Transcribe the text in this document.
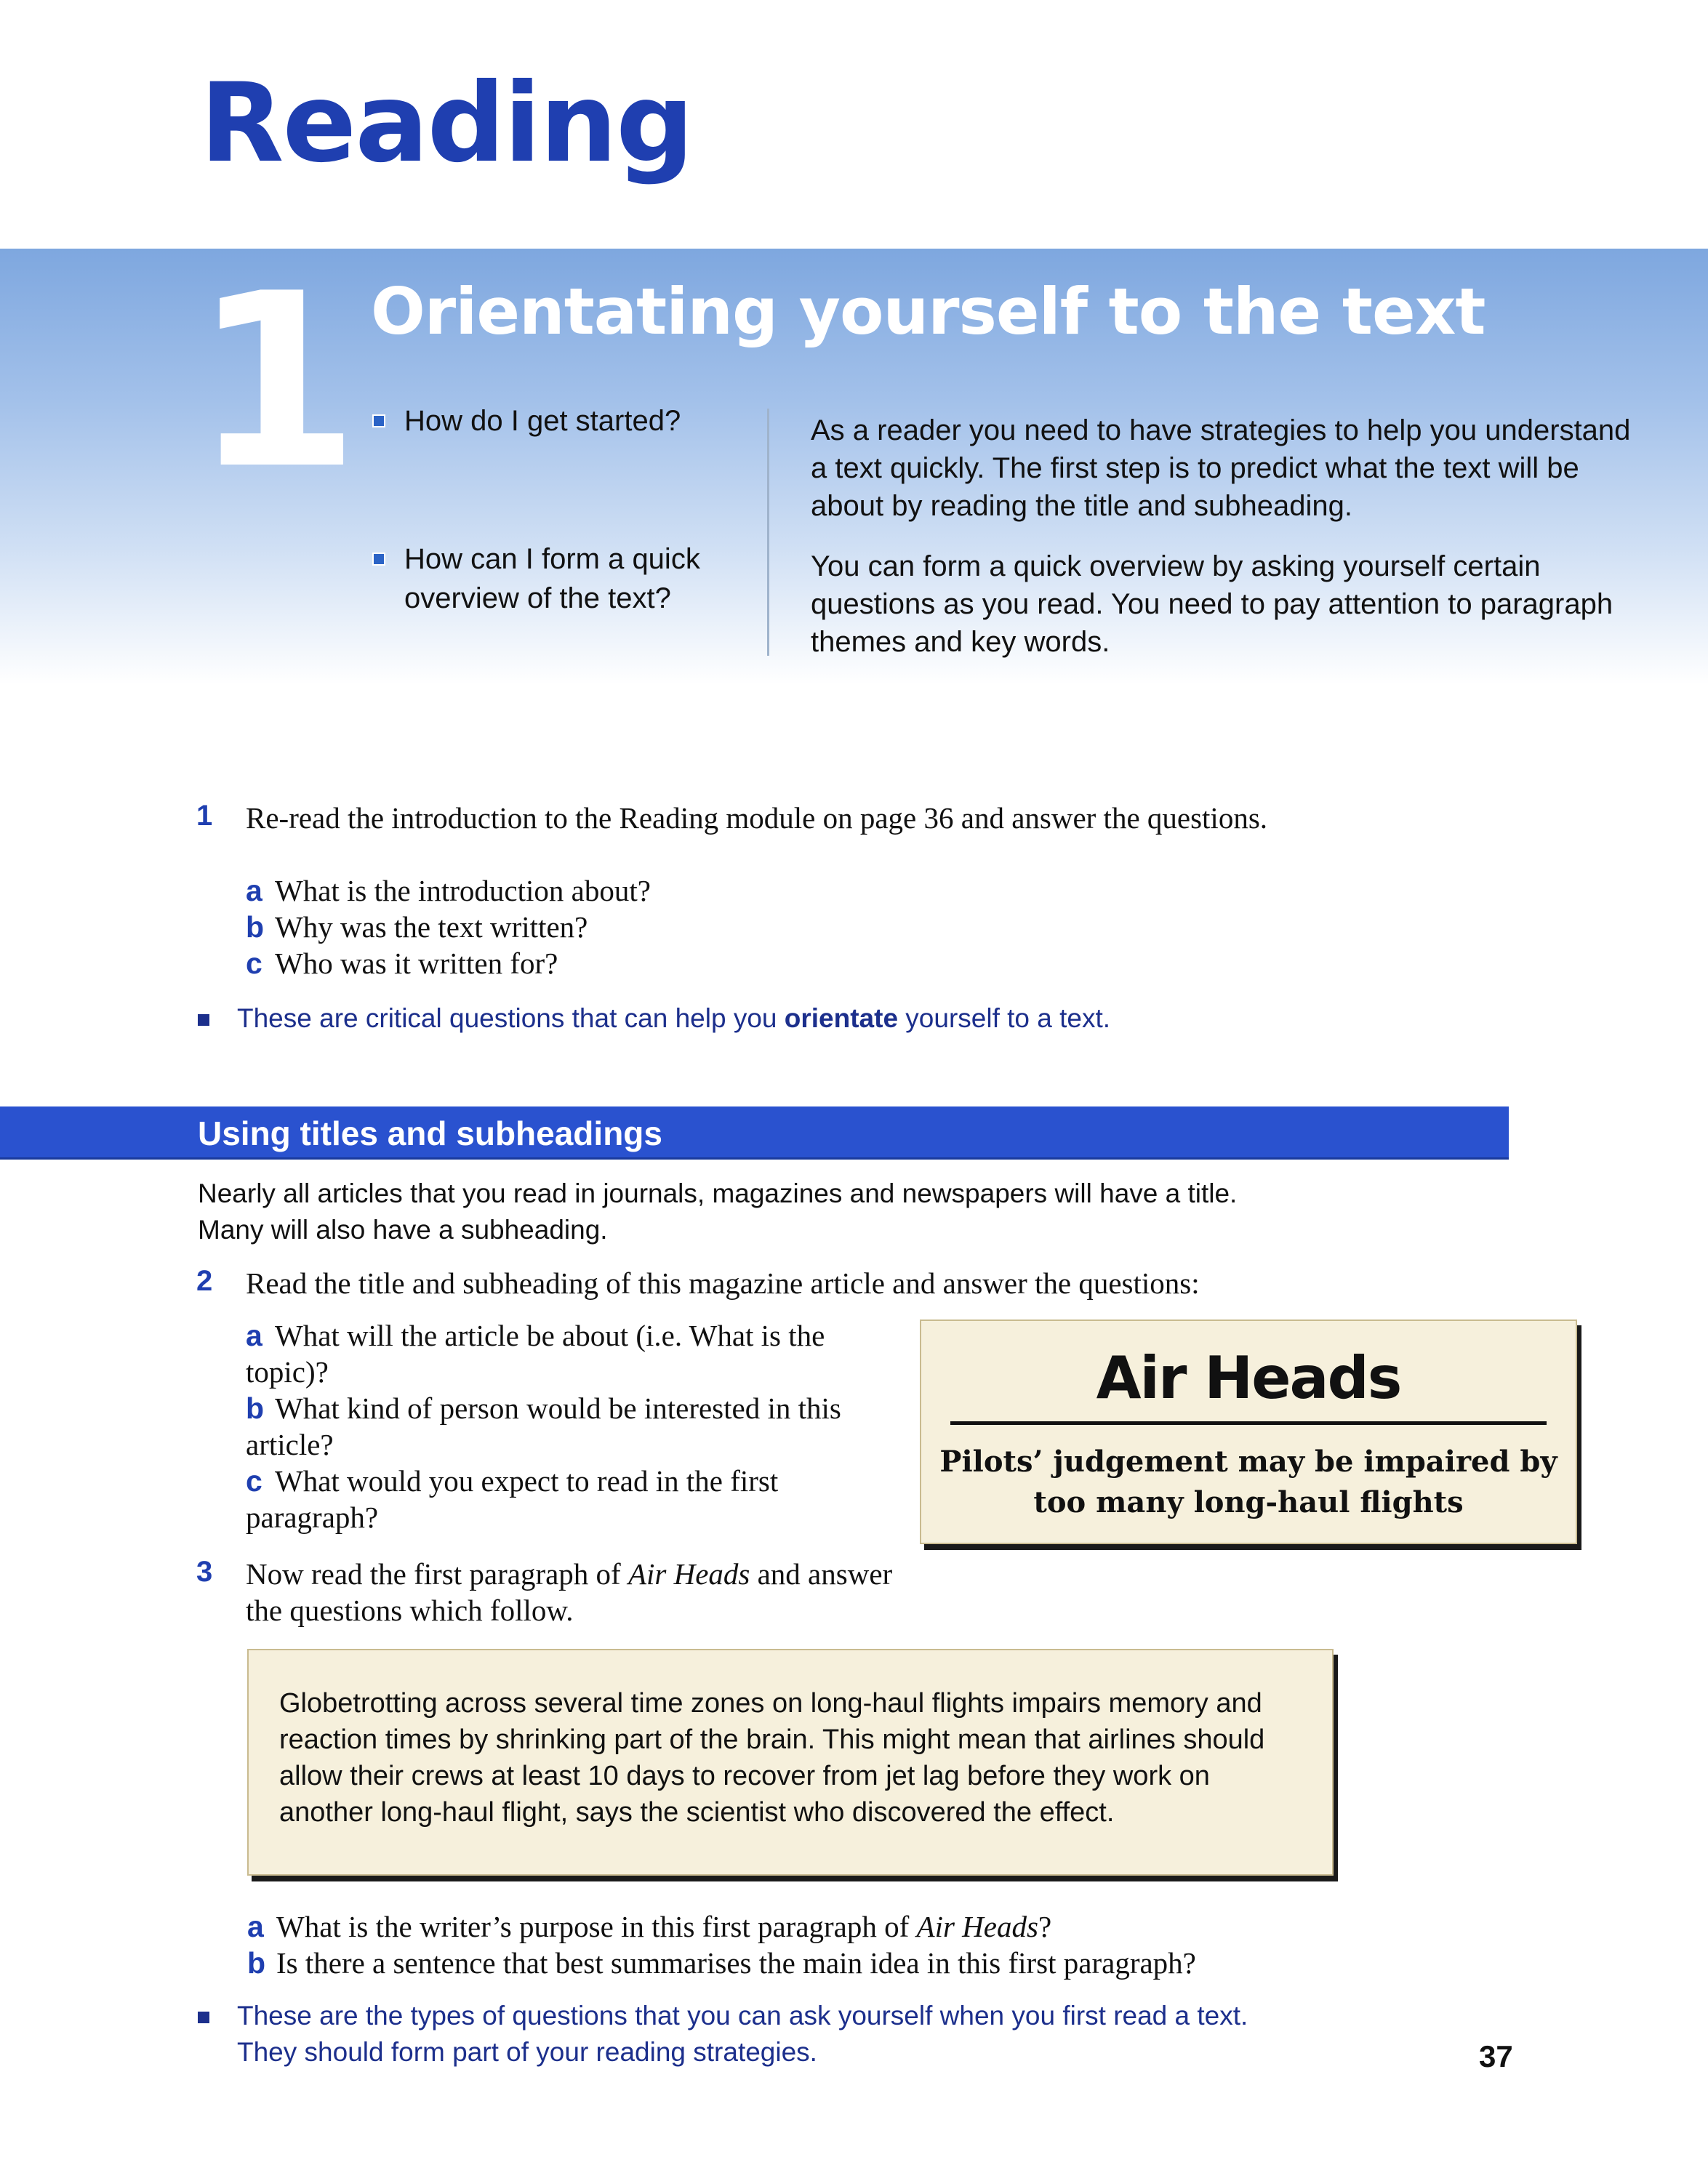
Reading
1 Orientating yourself to the text
How do I get started?
How can I form a quick overview of the text?

As a reader you need to have strategies to help you understand a text quickly. The first step is to predict what the text will be about by reading the title and subheading.

You can form a quick overview by asking yourself certain questions as you read. You need to pay attention to paragraph themes and key words.

1 Re-read the introduction to the Reading module on page 36 and answer the questions.
a What is the introduction about?
b Why was the text written?
c Who was it written for?
These are critical questions that can help you orientate yourself to a text.
Using titles and subheadings
Nearly all articles that you read in journals, magazines and newspapers will have a title. Many will also have a subheading.
2 Read the title and subheading of this magazine article and answer the questions:
a What will the article be about (i.e. What is the topic)?
b What kind of person would be interested in this article?
c What would you expect to read in the first paragraph?
Air Heads

Pilots’ judgement may be impaired by too many long-haul flights

3 Now read the first paragraph of Air Heads and answer the questions which follow.

Globetrotting across several time zones on long-haul flights impairs memory and reaction times by shrinking part of the brain. This might mean that airlines should allow their crews at least 10 days to recover from jet lag before they work on another long-haul flight, says the scientist who discovered the effect.

a What is the writer’s purpose in this first paragraph of Air Heads?
b Is there a sentence that best summarises the main idea in this first paragraph?
These are the types of questions that you can ask yourself when you first read a text. They should form part of your reading strategies.	37
